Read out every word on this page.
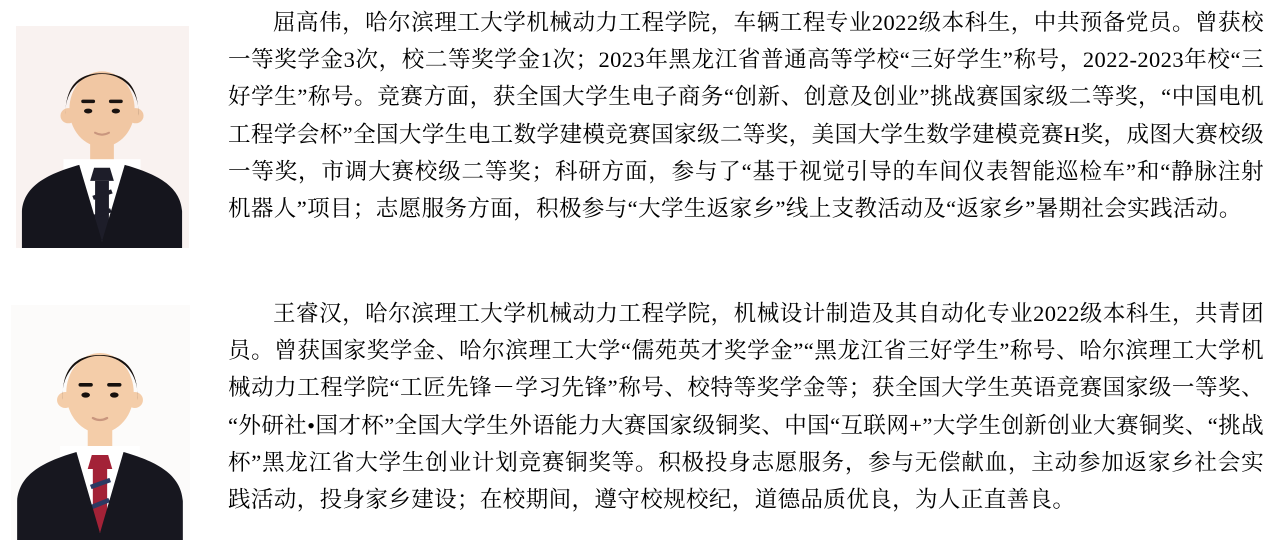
屈高伟，哈尔滨理工大学机械动力工程学院，车辆工程专业2022级本科生，中共预备党员。曾获校一等奖学金3次，校二等奖学金1次；2023年黑龙江省普通高等学校“三好学生”称号，2022-2023年校“三好学生”称号。竞赛方面，获全国大学生电子商务“创新、创意及创业”挑战赛国家级二等奖，“中国电机工程学会杯”全国大学生电工数学建模竞赛国家级二等奖，美国大学生数学建模竞赛H奖，成图大赛校级一等奖，市调大赛校级二等奖；科研方面，参与了“基于视觉引导的车间仪表智能巡检车”和“静脉注射机器人”项目；志愿服务方面，积极参与“大学生返家乡”线上支教活动及“返家乡”暑期社会实践活动。

王睿汉，哈尔滨理工大学机械动力工程学院，机械设计制造及其自动化专业2022级本科生，共青团员。曾获国家奖学金、哈尔滨理工大学“儒苑英才奖学金”“黑龙江省三好学生”称号、哈尔滨理工大学机械动力工程学院“工匠先锋－学习先锋”称号、校特等奖学金等；获全国大学生英语竞赛国家级一等奖、“外研社•国才杯”全国大学生外语能力大赛国家级铜奖、中国“互联网+”大学生创新创业大赛铜奖、“挑战杯”黑龙江省大学生创业计划竞赛铜奖等。积极投身志愿服务，参与无偿献血，主动参加返家乡社会实践活动，投身家乡建设；在校期间，遵守校规校纪，道德品质优良，为人正直善良。
